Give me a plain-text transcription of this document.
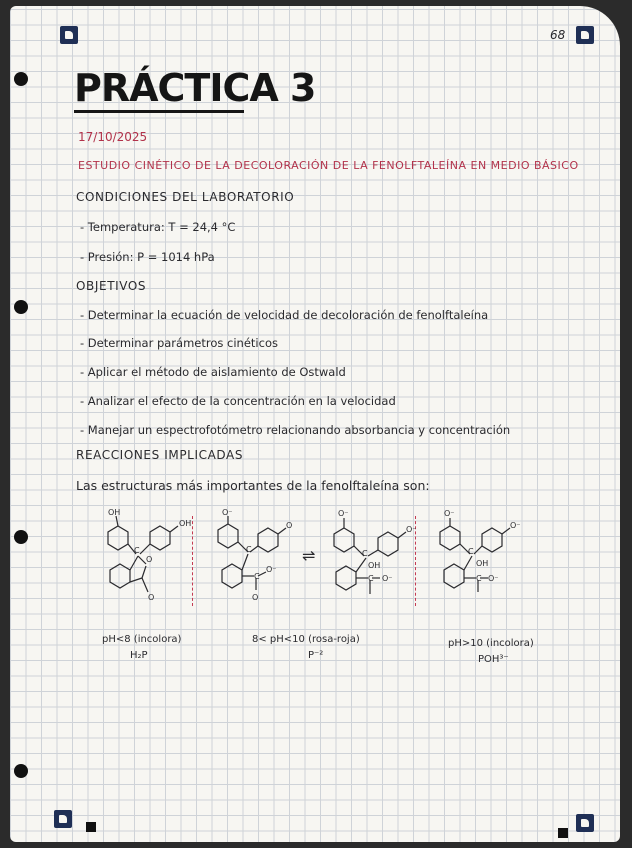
68
PRÁCTICA 3
17/10/2025
ESTUDIO CINÉTICO DE LA DECOLORACIÓN DE LA FENOLFTALEÍNA EN MEDIO BÁSICO
CONDICIONES DEL LABORATORIO
- Temperatura: T = 24,4 °C
- Presión: P = 1014 hPa
OBJETIVOS
- Determinar la ecuación de velocidad de decoloración de fenolftaleína
- Determinar parámetros cinéticos
- Aplicar el método de aislamiento de Ostwald
- Analizar el efecto de la concentración en la velocidad
- Manejar un espectrofotómetro relacionando absorbancia y concentración
REACCIONES IMPLICADAS
Las estructuras más importantes de la fenolftaleína son:
OH
OH
C
O
O
O⁻
O
C
C
O⁻
O
⇌
O⁻
O⁻
C
OH
C O⁻
O⁻
O⁻
C
OH
C O⁻
pH<8 (incolora)
H₂P
8< pH<10 (rosa-roja)
P⁻²
pH>10 (incolora)
POH³⁻
